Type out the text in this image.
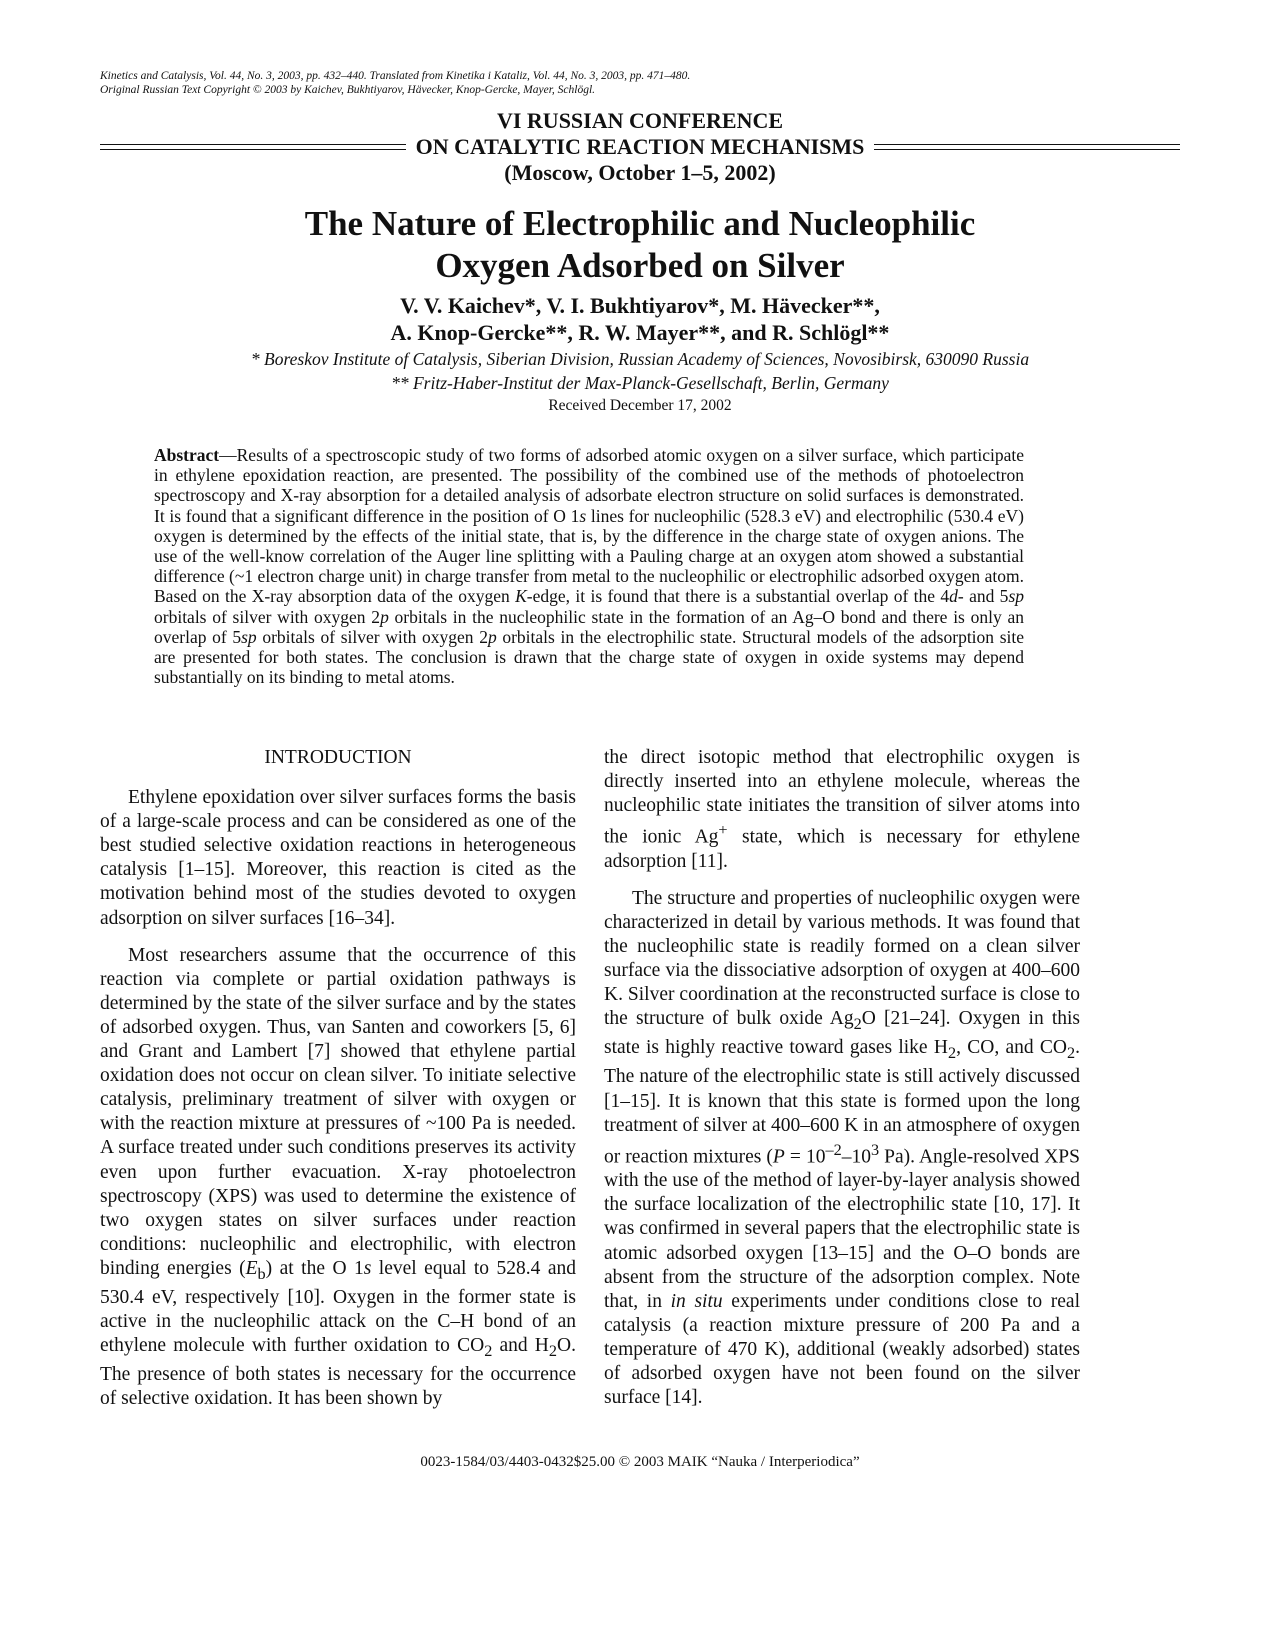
Kinetics and Catalysis, Vol. 44, No. 3, 2003, pp. 432–440. Translated from Kinetika i Kataliz, Vol. 44, No. 3, 2003, pp. 471–480.
Original Russian Text Copyright © 2003 by Kaichev, Bukhtiyarov, Hävecker, Knop-Gercke, Mayer, Schlögl.
VI RUSSIAN CONFERENCE
ON CATALYTIC REACTION MECHANISMS
(Moscow, October 1–5, 2002)
The Nature of Electrophilic and Nucleophilic
Oxygen Adsorbed on Silver
V. V. Kaichev*, V. I. Bukhtiyarov*, M. Hävecker**,
A. Knop-Gercke**, R. W. Mayer**, and R. Schlögl**
* Boreskov Institute of Catalysis, Siberian Division, Russian Academy of Sciences, Novosibirsk, 630090 Russia
** Fritz-Haber-Institut der Max-Planck-Gesellschaft, Berlin, Germany
Received December 17, 2002
Abstract—Results of a spectroscopic study of two forms of adsorbed atomic oxygen on a silver surface, which participate in ethylene epoxidation reaction, are presented. The possibility of the combined use of the methods of photoelectron spectroscopy and X-ray absorption for a detailed analysis of adsorbate electron structure on solid surfaces is demonstrated. It is found that a significant difference in the position of O 1s lines for nucleophilic (528.3 eV) and electrophilic (530.4 eV) oxygen is determined by the effects of the initial state, that is, by the difference in the charge state of oxygen anions. The use of the well-know correlation of the Auger line splitting with a Pauling charge at an oxygen atom showed a substantial difference (~1 electron charge unit) in charge transfer from metal to the nucleophilic or electrophilic adsorbed oxygen atom. Based on the X-ray absorption data of the oxygen K-edge, it is found that there is a substantial overlap of the 4d- and 5sp orbitals of silver with oxygen 2p orbitals in the nucleophilic state in the formation of an Ag–O bond and there is only an overlap of 5sp orbitals of silver with oxygen 2p orbitals in the electrophilic state. Structural models of the adsorption site are presented for both states. The conclusion is drawn that the charge state of oxygen in oxide systems may depend substantially on its binding to metal atoms.
INTRODUCTION

Ethylene epoxidation over silver surfaces forms the basis of a large-scale process and can be considered as one of the best studied selective oxidation reactions in heterogeneous catalysis [1–15]. Moreover, this reaction is cited as the motivation behind most of the studies devoted to oxygen adsorption on silver surfaces [16–34].

Most researchers assume that the occurrence of this reaction via complete or partial oxidation pathways is determined by the state of the silver surface and by the states of adsorbed oxygen. Thus, van Santen and coworkers [5, 6] and Grant and Lambert [7] showed that ethylene partial oxidation does not occur on clean silver. To initiate selective catalysis, preliminary treatment of silver with oxygen or with the reaction mixture at pressures of ~100 Pa is needed. A surface treated under such conditions preserves its activity even upon further evacuation. X-ray photoelectron spectroscopy (XPS) was used to determine the existence of two oxygen states on silver surfaces under reaction conditions: nucleophilic and electrophilic, with electron binding energies $(E_b)$ at the O 1s level equal to 528.4 and 530.4 eV, respectively [10]. Oxygen in the former state is active in the nucleophilic attack on the C–H bond of an ethylene molecule with further oxidation to $CO_2$ and $H_2O$. The presence of both states is necessary for the occurrence of selective oxidation. It has been shown by

the direct isotopic method that electrophilic oxygen is directly inserted into an ethylene molecule, whereas the nucleophilic state initiates the transition of silver atoms into the ionic Ag+ state, which is necessary for ethylene adsorption [11].

The structure and properties of nucleophilic oxygen were characterized in detail by various methods. It was found that the nucleophilic state is readily formed on a clean silver surface via the dissociative adsorption of oxygen at 400–600 K. Silver coordination at the reconstructed surface is close to the structure of bulk oxide $Ag_2O$ [21–24]. Oxygen in this state is highly reactive toward gases like $H_2$, CO, and $CO_2$. The nature of the electrophilic state is still actively discussed [1–15]. It is known that this state is formed upon the long treatment of silver at 400–600 K in an atmosphere of oxygen or reaction mixtures ($P = 10^{-2}-10^3$ Pa). Angle-resolved XPS with the use of the method of layer-by-layer analysis showed the surface localization of the electrophilic state [10, 17]. It was confirmed in several papers that the electrophilic state is atomic adsorbed oxygen [13–15] and the O–O bonds are absent from the structure of the adsorption complex. Note that, in in situ experiments under conditions close to real catalysis (a reaction mixture pressure of 200 Pa and a temperature of 470 K), additional (weakly adsorbed) states of adsorbed oxygen have not been found on the silver surface [14].

0023-1584/03/4403-0432$25.00 © 2003 MAIK “Nauka / Interperiodica”
